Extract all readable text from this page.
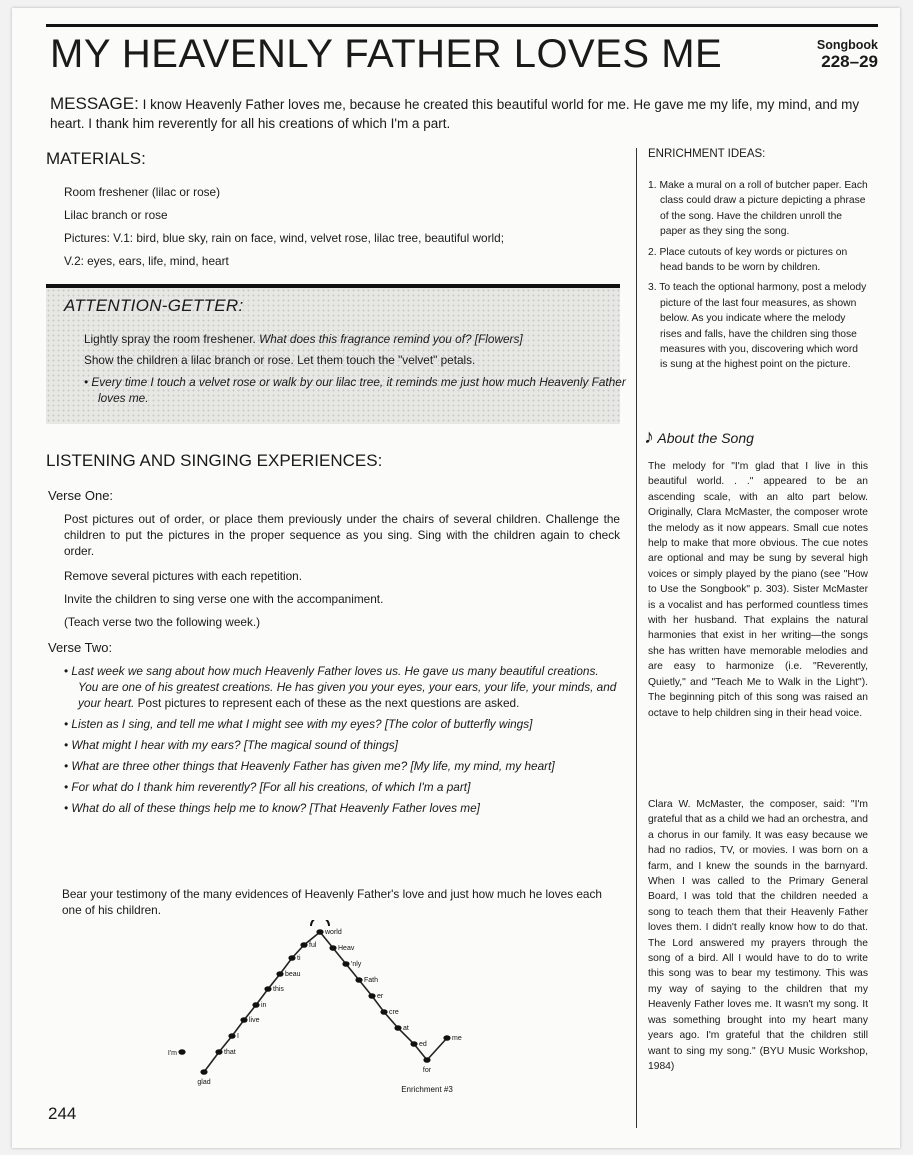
MY HEAVENLY FATHER LOVES ME	Songbook
228–29
MESSAGE: I know Heavenly Father loves me, because he created this beautiful world for me. He gave me my life, my mind, and my heart. I thank him reverently for all his creations of which I'm a part.
MATERIALS:
Room freshener (lilac or rose)
Lilac branch or rose
Pictures: V.1: bird, blue sky, rain on face, wind, velvet rose, lilac tree, beautiful world;
V.2: eyes, ears, life, mind, heart
ATTENTION-GETTER:
Lightly spray the room freshener. What does this fragrance remind you of? [Flowers]
Show the children a lilac branch or rose. Let them touch the "velvet" petals.
• Every time I touch a velvet rose or walk by our lilac tree, it reminds me just how much Heavenly Father loves me.
LISTENING AND SINGING EXPERIENCES:
Verse One:
Post pictures out of order, or place them previously under the chairs of several children. Challenge the children to put the pictures in the proper sequence as you sing. Sing with the children again to check order.
Remove several pictures with each repetition.
Invite the children to sing verse one with the accompaniment.
(Teach verse two the following week.)
Verse Two:
• Last week we sang about how much Heavenly Father loves us. He gave us many beautiful creations. You are one of his greatest creations. He has given you your eyes, your ears, your life, your minds, and your heart. Post pictures to represent each of these as the next questions are asked.
• Listen as I sing, and tell me what I might see with my eyes? [The color of butterfly wings]
• What might I hear with my ears? [The magical sound of things]
• What are three other things that Heavenly Father has given me? [My life, my mind, my heart]
• For what do I thank him reverently? [For all his creations, of which I'm a part]
• What do all of these things help me to know? [That Heavenly Father loves me]
Bear your testimony of the many evidences of Heavenly Father's love and just how much he loves each one of his children.
I'm
glad
that
I
live
in
this
beau
ti
ful
world
Heav
'nly
Fath
er
cre
at
ed
for
me
Enrichment #3
244
ENRICHMENT IDEAS:
1. Make a mural on a roll of butcher paper. Each class could draw a picture depicting a phrase of the song. Have the children unroll the paper as they sing the song.
2. Place cutouts of key words or pictures on head bands to be worn by children.
3. To teach the optional harmony, post a melody picture of the last four measures, as shown below. As you indicate where the melody rises and falls, have the children sing those measures with you, discovering which word is sung at the highest point on the picture.
♪ About the Song
The melody for "I'm glad that I live in this beautiful world. . ." appeared to be an ascending scale, with an alto part below. Originally, Clara McMaster, the composer wrote the melody as it now appears. Small cue notes help to make that more obvious. The cue notes are optional and may be sung by several high voices or simply played by the piano (see "How to Use the Songbook" p. 303). Sister McMaster is a vocalist and has performed countless times with her husband. That explains the natural harmonies that exist in her writing—the songs she has written have memorable melodies and are easy to harmonize (i.e. "Reverently, Quietly," and "Teach Me to Walk in the Light"). The beginning pitch of this song was raised an octave to help children sing in their head voice.
Clara W. McMaster, the composer, said: "I'm grateful that as a child we had an orchestra, and a chorus in our family. It was easy because we had no radios, TV, or movies. I was born on a farm, and I knew the sounds in the barnyard. When I was called to the Primary General Board, I was told that the children needed a song to teach them that their Heavenly Father loves them. I didn't really know how to do that. The Lord answered my prayers through the song of a bird. All I would have to do to write this song was to bear my testimony. This was my way of saying to the children that my Heavenly Father loves me. It wasn't my song. It was something brought into my heart many years ago. I'm grateful that the children still want to sing my song." (BYU Music Workshop, 1984)
